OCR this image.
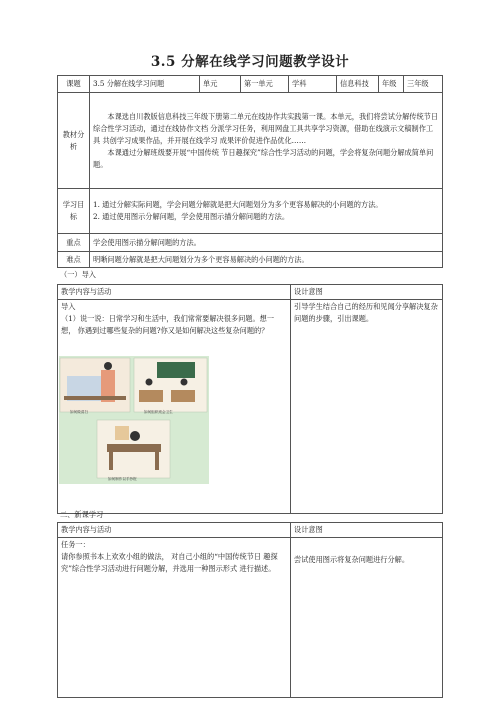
3.5 分解在线学习问题教学设计
课题	3.5 分解在线学习问题	单元	第一单元	学科	信息科技	年级	三年级
教材分析	本课选自川教版信息科技三年级下册第二单元在线协作共实践第一课。本单元，我们将尝试分解传统节日 综合性学习活动，通过在线协作文档 分派学习任务，利用网盘工具共享学习资源，借助在线演示文稿制作工具 共创学习成果作品，并开展在线学习 成果评价促进作品优化……

本课通过分解班级要开展“中国传统 节日趣探究”综合性学习活动的问题，学会将复杂问题分解成简单问题。						

学习目标	1. 通过分解实际问题，学会问题分解就是把大问题划分为多个更容易解决的小问题的方法。

2. 通过使用图示分解问题，学会使用图示描分解问题的方法。						

重点	学会使用图示描分解问题的方法。						
难点	明晰问题分解就是把大问题划分为多个更容易解决的小问题的方法。						
（一）导入
教学内容与活动	设计意图

导入

（1）说一说：日常学习和生活中，我们常常要解决很多问题。想一想， 你遇到过哪些复杂的问题?你又是如何解决这些复杂问题的？	引导学生结合自己的经历和见闻分享解决复杂问题的步骤，引出课题。
如何做清扫	如何组织班会卫生
如何制作以手抄报
二、新课学习
教学内容与活动	设计意图

任务一：

请你参照书本上欢欢小组的做法， 对自己小组的“中国传统节日 趣探究”综合性学习活动进行问题分解，并选用一种图示形式 进行描述。	尝试使用图示将复杂问题进行分解。
